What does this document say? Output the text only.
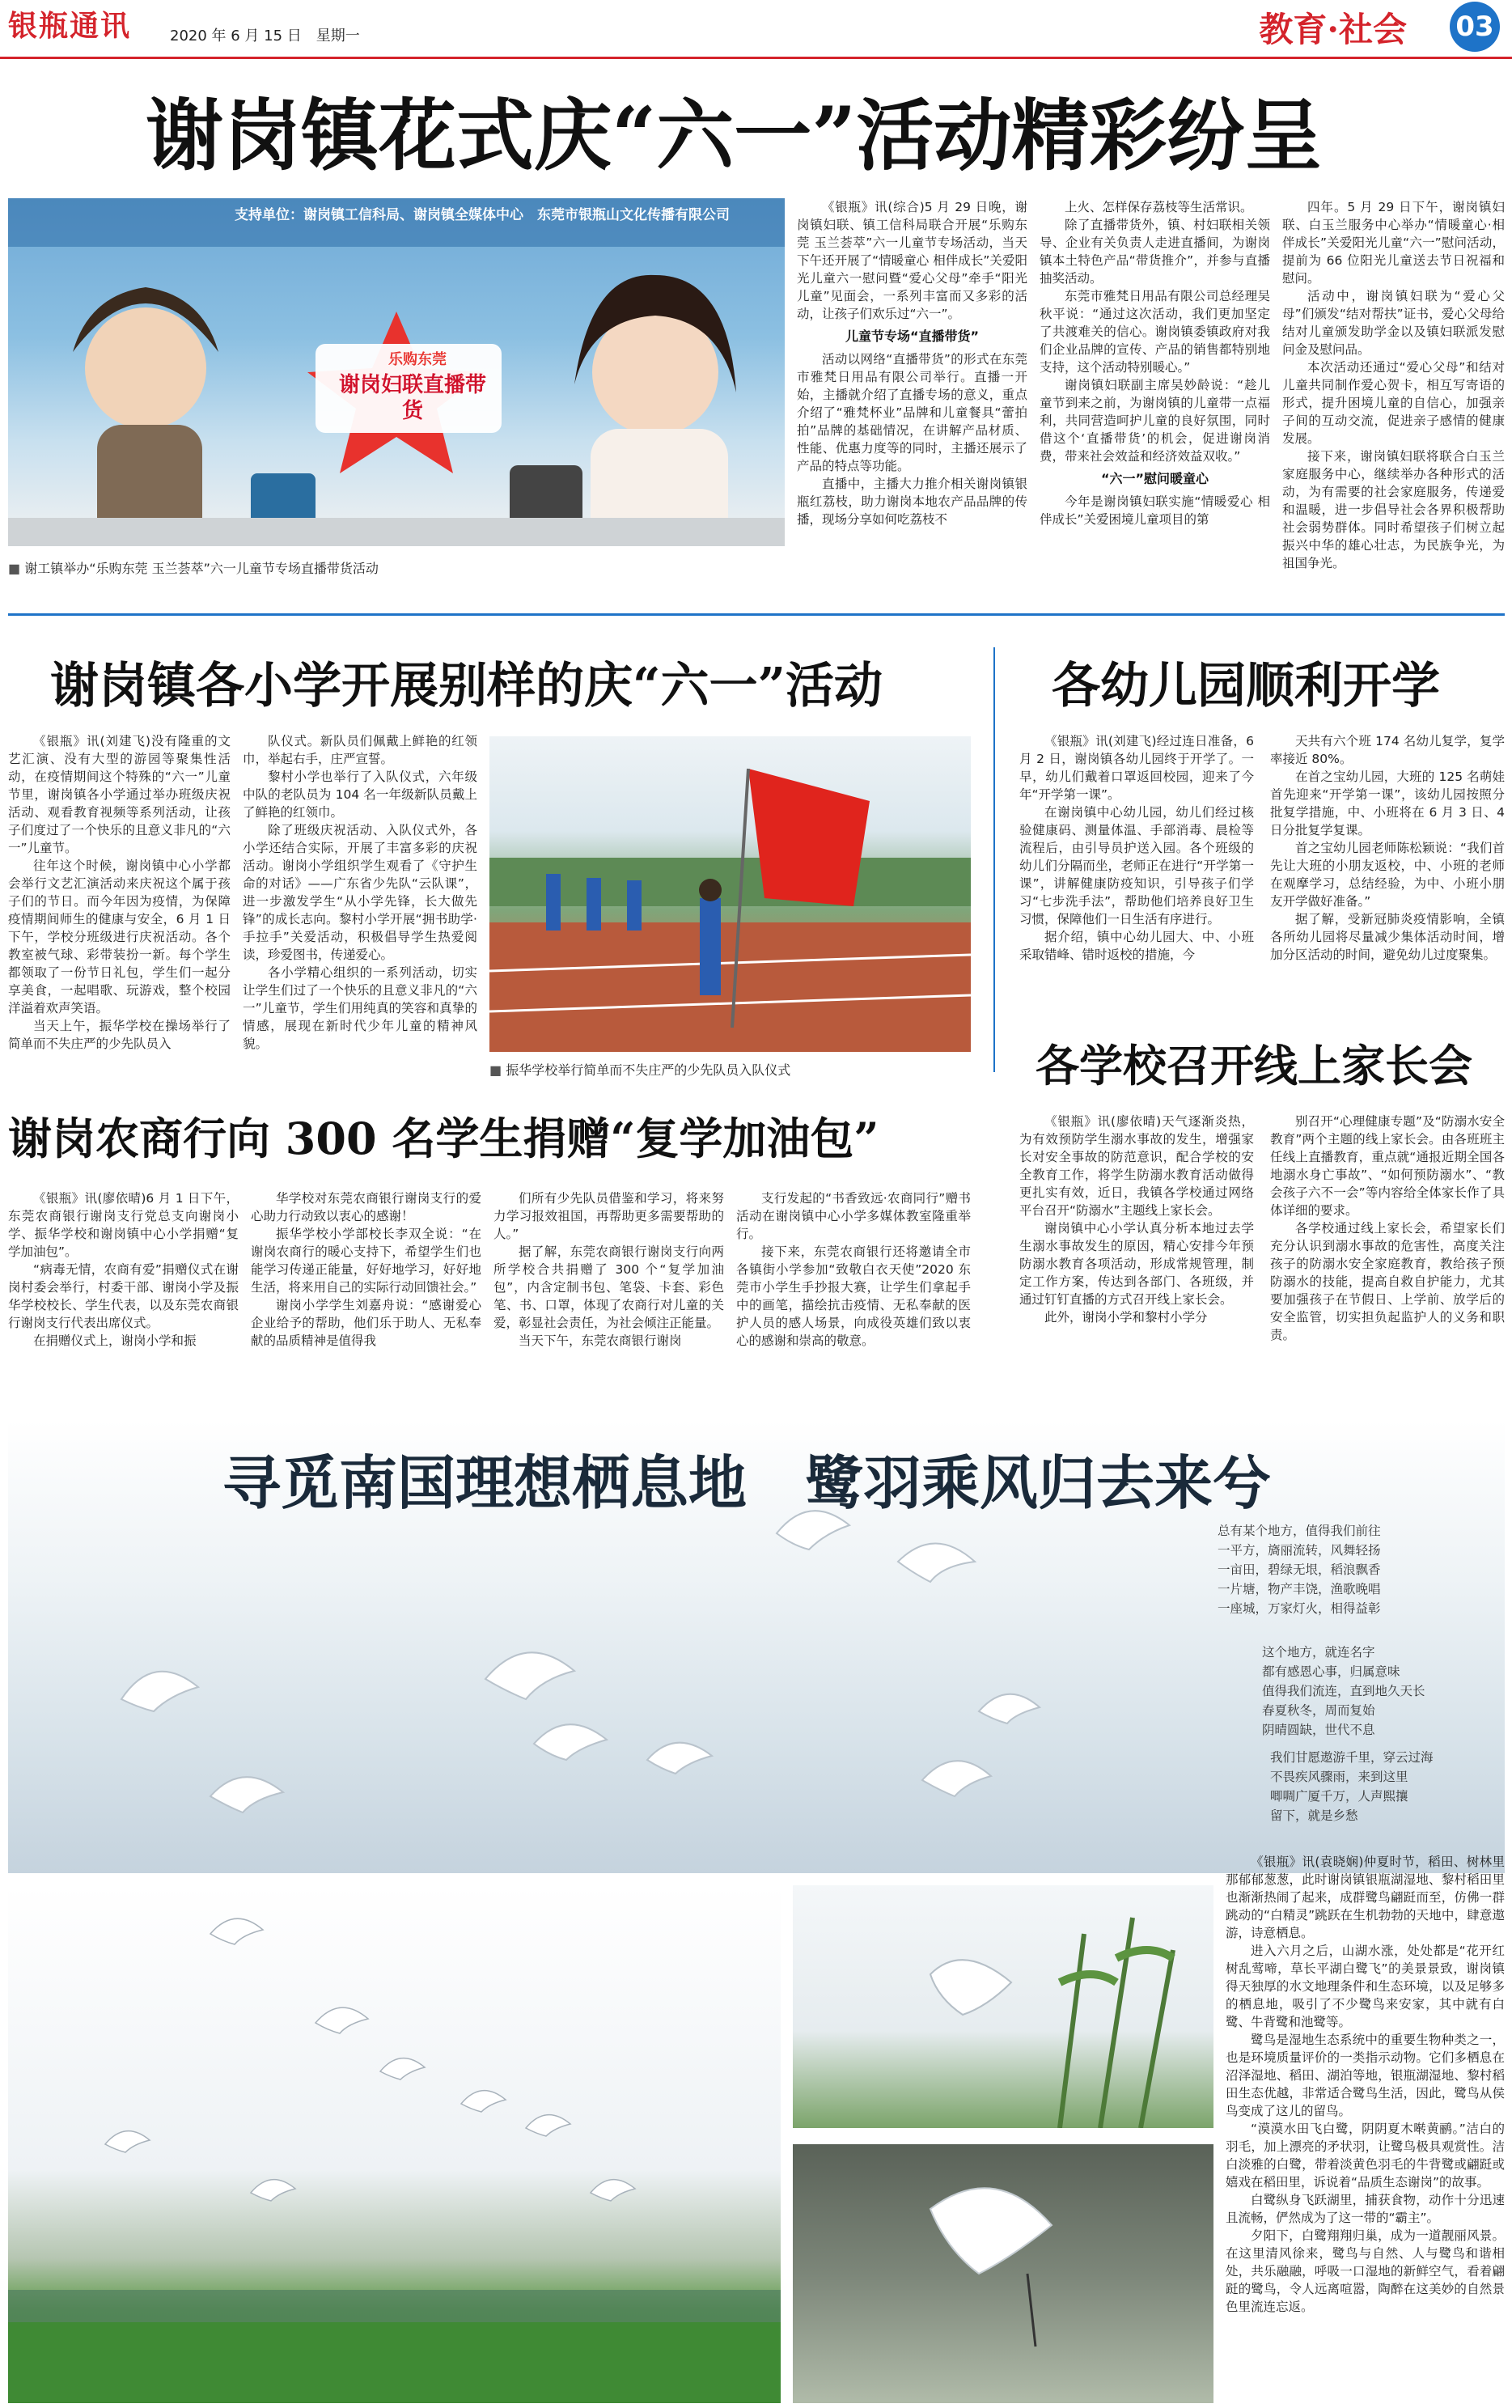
银瓶通讯	2020 年 6 月 15 日　星期一	教育·社会 03
谢岗镇花式庆“六一”活动精彩纷呈
支持单位：谢岗镇工信科局、谢岗镇全媒体中心　东莞市银瓶山文化传播有限公司
乐购东莞
谢岗妇联直播带货
■ 谢工镇举办“乐购东莞 玉兰荟萃”六一儿童节专场直播带货活动

《银瓶》讯(综合)5 月 29 日晚，谢岗镇妇联、镇工信科局联合开展“乐购东莞 玉兰荟萃”六一儿童节专场活动，当天下午还开展了“情暖童心 相伴成长”关爱阳光儿童六一慰问暨“爱心父母”牵手“阳光儿童”见面会，一系列丰富而又多彩的活动，让孩子们欢乐过“六一”。

儿童节专场“直播带货”

活动以网络“直播带货”的形式在东莞市雅梵日用品有限公司举行。直播一开始，主播就介绍了直播专场的意义，重点介绍了“雅梵杯业”品牌和儿童餐具“蕾拍拍”品牌的基础情况，在讲解产品材质、性能、优惠力度等的同时，主播还展示了产品的特点等功能。

直播中，主播大力推介相关谢岗镇银瓶红荔枝，助力谢岗本地农产品品牌的传播，现场分享如何吃荔枝不

上火、怎样保存荔枝等生活常识。

除了直播带货外，镇、村妇联相关领导、企业有关负责人走进直播间，为谢岗镇本土特色产品“带货推介”，并参与直播抽奖活动。

东莞市雅梵日用品有限公司总经理吴秋平说：“通过这次活动，我们更加坚定了共渡难关的信心。谢岗镇委镇政府对我们企业品牌的宣传、产品的销售都特别地支持，这个活动特别暖心。”

谢岗镇妇联副主席吴妙龄说：“趁儿童节到来之前，为谢岗镇的儿童带一点福利，共同营造呵护儿童的良好氛围，同时借这个‘直播带货’的机会，促进谢岗消费，带来社会效益和经济效益双收。”

“六一”慰问暖童心

今年是谢岗镇妇联实施“情暖爱心 相伴成长”关爱困境儿童项目的第

四年。5 月 29 日下午，谢岗镇妇联、白玉兰服务中心举办“情暖童心·相伴成长”关爱阳光儿童“六一”慰问活动，提前为 66 位阳光儿童送去节日祝福和慰问。

活动中，谢岗镇妇联为“爱心父母”们颁发“结对帮扶”证书，爱心父母给结对儿童颁发助学金以及镇妇联派发慰问金及慰问品。

本次活动还通过“爱心父母”和结对儿童共同制作爱心贺卡，相互写寄语的形式，提升困境儿童的自信心，加强亲子间的互动交流，促进亲子感情的健康发展。

接下来，谢岗镇妇联将联合白玉兰家庭服务中心，继续举办各种形式的活动，为有需要的社会家庭服务，传递爱和温暖，进一步倡导社会各界积极帮助社会弱势群体。同时希望孩子们树立起振兴中华的雄心壮志，为民族争光，为祖国争光。

谢岗镇各小学开展别样的庆“六一”活动

《银瓶》讯(刘建飞)没有隆重的文艺汇演、没有大型的游园等聚集性活动，在疫情期间这个特殊的“六一”儿童节里，谢岗镇各小学通过举办班级庆祝活动、观看教育视频等系列活动，让孩子们度过了一个快乐的且意义非凡的“六一”儿童节。

往年这个时候，谢岗镇中心小学都会举行文艺汇演活动来庆祝这个属于孩子们的节日。而今年因为疫情，为保障疫情期间师生的健康与安全，6 月 1 日下午，学校分班级进行庆祝活动。各个教室被气球、彩带装扮一新。每个学生都领取了一份节日礼包，学生们一起分享美食，一起唱歌、玩游戏，整个校园洋溢着欢声笑语。

当天上午，振华学校在操场举行了简单而不失庄严的少先队员入

队仪式。新队员们佩戴上鲜艳的红领巾，举起右手，庄严宣誓。

黎村小学也举行了入队仪式，六年级中队的老队员为 104 名一年级新队员戴上了鲜艳的红领巾。

除了班级庆祝活动、入队仪式外，各小学还结合实际，开展了丰富多彩的庆祝活动。谢岗小学组织学生观看了《守护生命的对话》——广东省少先队“云队课”，进一步激发学生“从小学先锋，长大做先锋”的成长志向。黎村小学开展“拥书助学·手拉手”关爱活动，积极倡导学生热爱阅读，珍爱图书，传递爱心。

各小学精心组织的一系列活动，切实让学生们过了一个快乐的且意义非凡的“六一”儿童节，学生们用纯真的笑容和真挚的情感，展现在新时代少年儿童的精神风貌。

■ 振华学校举行简单而不失庄严的少先队员入队仪式
各幼儿园顺利开学

《银瓶》讯(刘建飞)经过连日准备，6 月 2 日，谢岗镇各幼儿园终于开学了。一早，幼儿们戴着口罩返回校园，迎来了今年“开学第一课”。

在谢岗镇中心幼儿园，幼儿们经过核验健康码、测量体温、手部消毒、晨检等流程后，由引导员护送入园。各个班级的幼儿们分隔而坐，老师正在进行“开学第一课”，讲解健康防疫知识，引导孩子们学习“七步洗手法”，帮助他们培养良好卫生习惯，保障他们一日生活有序进行。

据介绍，镇中心幼儿园大、中、小班采取错峰、错时返校的措施，今

天共有六个班 174 名幼儿复学，复学率接近 80%。

在首之宝幼儿园，大班的 125 名萌娃首先迎来“开学第一课”，该幼儿园按照分批复学措施，中、小班将在 6 月 3 日、4 日分批复学复课。

首之宝幼儿园老师陈松颖说：“我们首先让大班的小朋友返校，中、小班的老师在观摩学习，总结经验，为中、小班小朋友开学做好准备。”

据了解，受新冠肺炎疫情影响，全镇各所幼儿园将尽量减少集体活动时间，增加分区活动的时间，避免幼儿过度聚集。

各学校召开线上家长会

《银瓶》讯(廖依晴)天气逐渐炎热，为有效预防学生溺水事故的发生，增强家长对安全事故的防范意识，配合学校的安全教育工作，将学生防溺水教育活动做得更扎实有效，近日，我镇各学校通过网络平台召开“防溺水”主题线上家长会。

谢岗镇中心小学认真分析本地过去学生溺水事故发生的原因，精心安排今年预防溺水教育各项活动，形成常规管理，制定工作方案，传达到各部门、各班级，并通过钉钉直播的方式召开线上家长会。

此外，谢岗小学和黎村小学分

别召开“心理健康专题”及“防溺水安全教育”两个主题的线上家长会。由各班班主任线上直播教育，重点就“通报近期全国各地溺水身亡事故”、“如何预防溺水”、“教会孩子六不一会”等内容给全体家长作了具体详细的要求。

各学校通过线上家长会，希望家长们充分认识到溺水事故的危害性，高度关注孩子的防溺水安全家庭教育，教给孩子预防溺水的技能，提高自救自护能力，尤其要加强孩子在节假日、上学前、放学后的安全监管，切实担负起监护人的义务和职责。

谢岗农商行向 300 名学生捐赠“复学加油包”

《银瓶》讯(廖依晴)6 月 1 日下午，东莞农商银行谢岗支行党总支向谢岗小学、振华学校和谢岗镇中心小学捐赠“复学加油包”。

“病毒无情，农商有爱”捐赠仪式在谢岗村委会举行，村委干部、谢岗小学及振华学校校长、学生代表，以及东莞农商银行谢岗支行代表出席仪式。

在捐赠仪式上，谢岗小学和振

华学校对东莞农商银行谢岗支行的爱心助力行动致以衷心的感谢！

振华学校小学部校长李双全说：“在谢岗农商行的暖心支持下，希望学生们也能学习传递正能量，好好地学习，好好地生活，将来用自己的实际行动回馈社会。”

谢岗小学学生刘嘉舟说：“感谢爱心企业给予的帮助，他们乐于助人、无私奉献的品质精神是值得我

们所有少先队员借鉴和学习，将来努力学习报效祖国，再帮助更多需要帮助的人。”

据了解，东莞农商银行谢岗支行向两所学校合共捐赠了 300 个“复学加油包”，内含定制书包、笔袋、卡套、彩色笔、书、口罩，体现了农商行对儿童的关爱，彰显社会责任，为社会倾注正能量。

当天下午，东莞农商银行谢岗

支行发起的“书香致远·农商同行”赠书活动在谢岗镇中心小学多媒体教室隆重举行。

接下来，东莞农商银行还将邀请全市各镇街小学参加“致敬白衣天使”2020 东莞市小学生手抄报大赛，让学生们拿起手中的画笔，描绘抗击疫情、无私奉献的医护人员的感人场景，向成役英雄们致以衷心的感谢和崇高的敬意。

寻觅南国理想栖息地　鹭羽乘风归去来兮
总有某个地方，值得我们前往
一平方，旖丽流转，风舞轻扬
一亩田，碧绿无垠，稻浪飘香
一片塘，物产丰饶，渔歌晚唱
一座城，万家灯火，相得益彰
这个地方，就连名字
都有感恩心事，归属意味
值得我们流连，直到地久天长
春夏秋冬，周而复始
阴晴圆缺，世代不息
我们甘愿遨游千里，穿云过海
不畏疾风骤雨，来到这里
唧啁广厦千万，人声熙攘
留下，就是乡愁

《银瓶》讯(袁晓娴)仲夏时节，稻田、树林里那郁郁葱葱，此时谢岗镇银瓶湖湿地、黎村稻田里也渐渐热闹了起来，成群鹭鸟翩跹而至，仿佛一群跳动的“白精灵”跳跃在生机勃勃的天地中，肆意遨游，诗意栖息。

进入六月之后，山湖水涨，处处都是“花开红树乱莺啼，草长平湖白鹭飞”的美景景致，谢岗镇得天独厚的水文地理条件和生态环境，以及足够多的栖息地，吸引了不少鹭鸟来安家，其中就有白鹭、牛背鹭和池鹭等。

鹭鸟是湿地生态系统中的重要生物种类之一，也是环境质量评价的一类指示动物。它们多栖息在沼泽湿地、稻田、湖泊等地，银瓶湖湿地、黎村稻田生态优越，非常适合鹭鸟生活，因此，鹭鸟从侯鸟变成了这儿的留鸟。

“漠漠水田飞白鹭，阴阴夏木啭黄鹂。”洁白的羽毛，加上漂亮的矛状羽，让鹭鸟极具观赏性。洁白淡雅的白鹭，带着淡黄色羽毛的牛背鹭或翩跹或嬉戏在稻田里，诉说着“品质生态谢岗”的故事。

白鹭纵身飞跃湖里，捕获食物，动作十分迅速且流畅，俨然成为了这一带的“霸主”。

夕阳下，白鹭翔翔归巢，成为一道靓丽风景。在这里清风徐来，鹭鸟与自然、人与鹭鸟和谐相处，共乐融融，呼吸一口湿地的新鲜空气，看着翩跹的鹭鸟，令人远离喧嚣，陶醉在这美妙的自然景色里流连忘返。
